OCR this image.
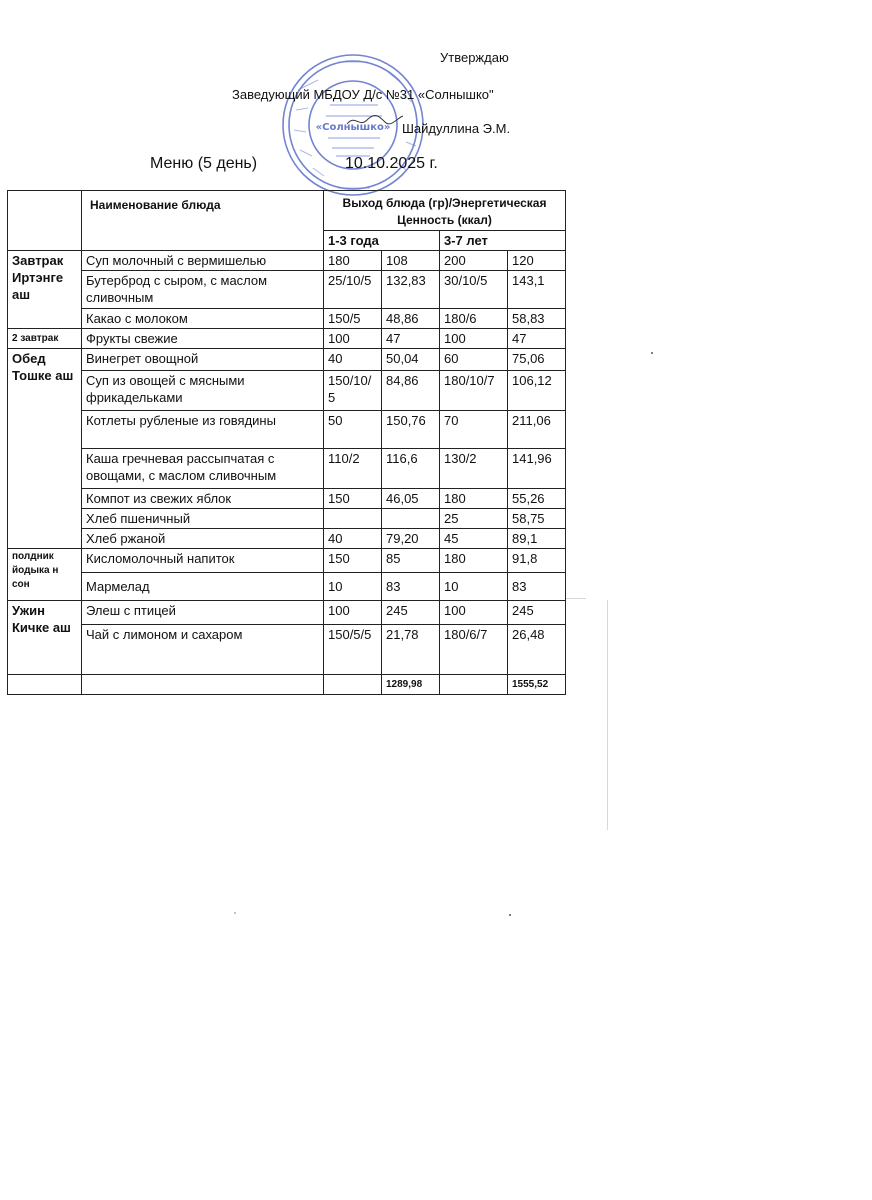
«Солнышко»
Утверждаю
Заведующий МБДОУ Д/с №31 «Солнышко"
Шайдуллина Э.М.
Меню (5 день)	10.10.2025 г.
	Наименование блюда	Выход блюда (гр)/Энергетическая Ценность (ккал)			
		1-3 года		3-7 лет	
Завтрак Иртэнге аш	Суп молочный с вермишелью	180	108	200	120
	Бутерброд с сыром, с маслом сливочным	25/10/5	132,83	30/10/5	143,1
	Какао с молоком	150/5	48,86	180/6	58,83
2 завтрак	Фрукты свежие	100	47	100	47
Обед Тошке аш	Винегрет овощной	40	50,04	60	75,06
	Суп из овощей с мясными фрикадельками	150/10/5	84,86	180/10/7	106,12
	Котлеты рубленые из говядины	50	150,76	70	211,06
	Каша гречневая рассыпчатая с овощами, с маслом сливочным	110/2	116,6	130/2	141,96
	Компот из свежих яблок	150	46,05	180	55,26
	Хлеб пшеничный			25	58,75
	Хлеб ржаной	40	79,20	45	89,1
полдник йодыка н сон	Кисломолочный напиток	150	85	180	91,8
	Мармелад	10	83	10	83
Ужин Кичке аш	Элеш с птицей	100	245	100	245
	Чай с лимоном и сахаром	150/5/5	21,78	180/6/7	26,48
			1289,98		1555,52
